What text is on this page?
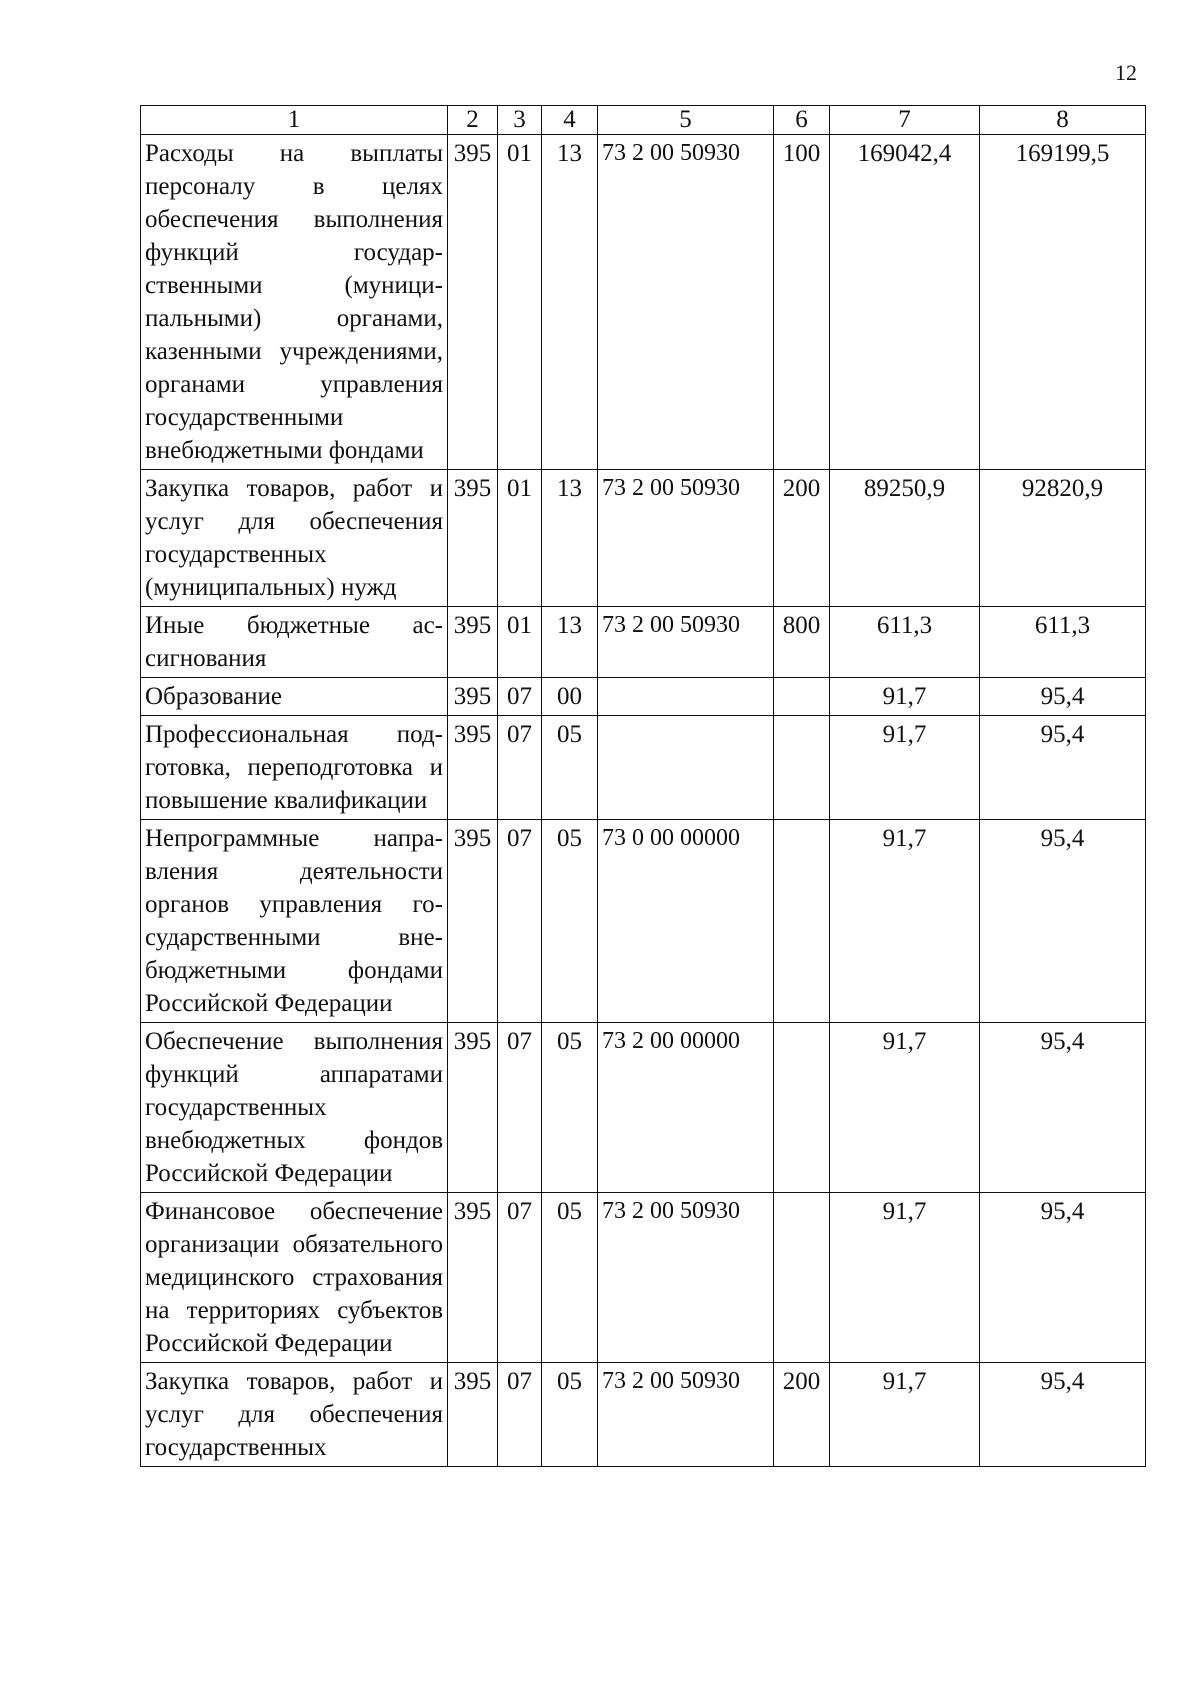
12
1	2	3	4	5	6	7	8
Расходы на выплаты персоналу в целях обеспечения выполнения функций государственными (муниципальными) органами, казенными учреждениями, органами управления государственными внебюджетными фондами	395	01	13	73 2 00 50930	100	169042,4	169199,5
Закупка товаров, работ и услуг для обеспечения государственных (муниципальных) нужд	395	01	13	73 2 00 50930	200	89250,9	92820,9
Иные бюджетные ассигнования	395	01	13	73 2 00 50930	800	611,3	611,3
Образование	395	07	00			91,7	95,4
Профессиональная подготовка, переподготовка и повышение квалификации	395	07	05			91,7	95,4
Непрограммные направления деятельности органов управления государственными внебюджетными фондами Российской Федерации	395	07	05	73 0 00 00000		91,7	95,4
Обеспечение выполнения функций аппаратами государственных внебюджетных фондов Российской Федерации	395	07	05	73 2 00 00000		91,7	95,4
Финансовое обеспечение организации обязательного медицинского страхования на территориях субъектов Российской Федерации	395	07	05	73 2 00 50930		91,7	95,4
Закупка товаров, работ и услуг для обеспечения государственных	395	07	05	73 2 00 50930	200	91,7	95,4
